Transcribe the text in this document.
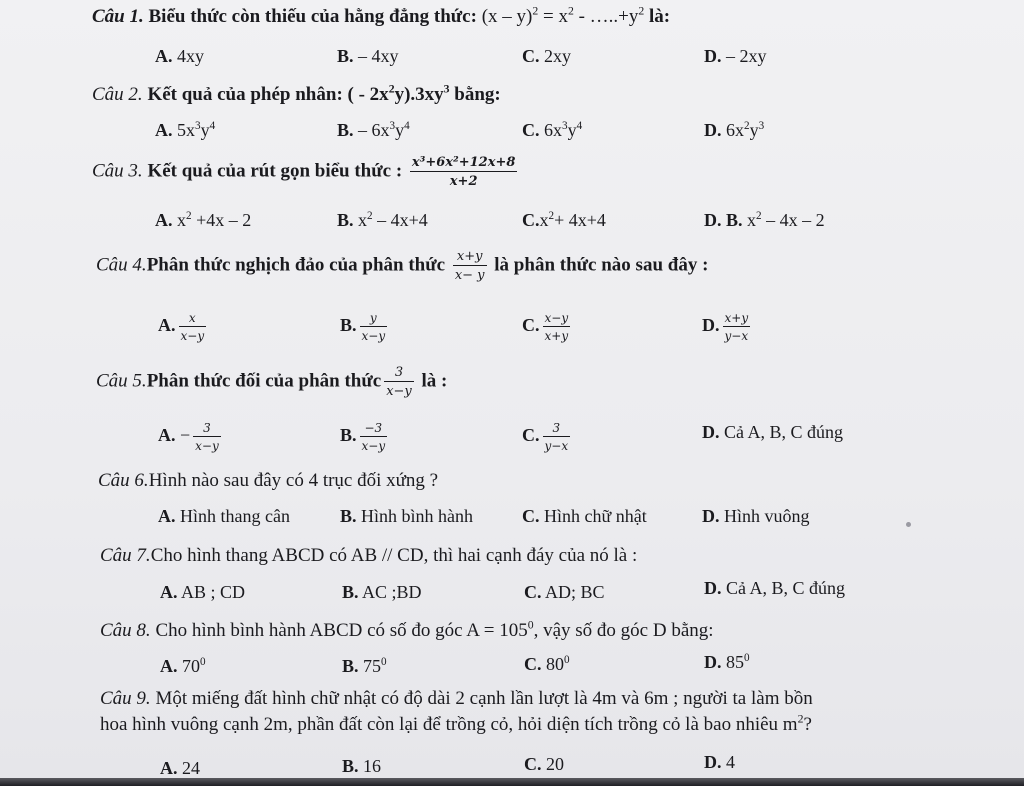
Câu 1. Biểu thức còn thiếu của hằng đẳng thức: $(x - y)^2 = x^2$ - $\dots..+y^2$ là:
A. 4xy	B. – 4xy	C. 2xy	D. – 2xy
Câu 2. Kết quả của phép nhân: ( - $2x^2y).3xy^3$ bằng:
A. $5x^3y^4$	B. – $6x^3y^4$	C. $6x^3y^4$	D. $6x^2y^3$
Câu 3. Kết quả của rút gọn biểu thức : $\frac{\text{x³+6x²+12x+8}}{x+2}$
A. $x^2 +4x - 2$	B. $x^2 - 4x+4$	$C.x^2+ 4x+4$	D. B. $x^2 - 4x - 2$
Câu 4.Phân thức nghịch đảo của phân thức $\frac{x+y}{x- y}$ là phân thức nào sau đây :
A. $\frac{x}{x-y}$	B. $\frac{y}{x-y}$	C. $\frac{x-y}{x+y}$	D. $\frac{x+y}{y-x}$
Câu 5.Phân thức đối của phân thức $\frac{3}{x-y}$ là :
A. − $\frac{3}{x-y}$	B. $\frac{-3}{x-y}$	C. $\frac{3}{y-x}$	D. Cả A, B, C đúng
Câu 6.Hình nào sau đây có 4 trục đối xứng ?
A. Hình thang cân	B. Hình bình hành	C. Hình chữ nhật	D. Hình vuông
Câu 7.Cho hình thang ABCD có AB // CD, thì hai cạnh đáy của nó là :
A. AB ; CD	B. AC ;BD	C. AD; BC	D. Cả A, B, C đúng
Câu 8. Cho hình bình hành ABCD có số đo góc $A = 105^0$, vậy số đo góc D bằng:
A. $70^0$	B. $75^0$	C. $80^0$	D. $85^0$
Câu 9. Một miếng đất hình chữ nhật có độ dài 2 cạnh lần lượt là 4m và 6m ; người ta làm bồn
hoa hình vuông cạnh 2m, phần đất còn lại để trồng cỏ, hỏi diện tích trồng cỏ là bao nhiêu $m^2$?
A. 24	B. 16	C. 20	D. 4
